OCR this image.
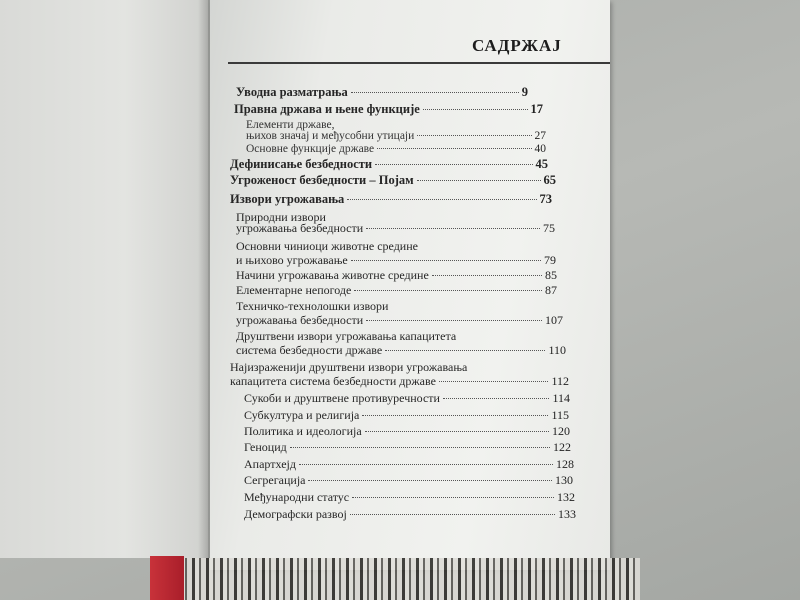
САДРЖАЈ
Уводна разматрања	9
Правна држава и њене функције	17
Елементи државе,
њихов значај и међусобни утицаји	27
Основне функције државе	40
Дефинисање безбедности	45
Угроженост безбедности – Појам	65
Извори угрожавања	73
Природни извори
угрожавања безбедности	75
Основни чиниоци животне средине
и њихово угрожавање	79
Начини угрожавања животне средине	85
Елементарне непогоде	87
Техничко-технолошки извори
угрожавања безбедности	107
Друштвени извори угрожавања капацитета
система безбедности државе	110
Најизраженији друштвени извори угрожавања
капацитета система безбедности државе	112
Сукоби и друштвене противуречности	114
Субкултура и религија	115
Политика и идеологија	120
Геноцид	122
Апартхејд	128
Сегрегација	130
Међународни статус	132
Демографски развој	133
